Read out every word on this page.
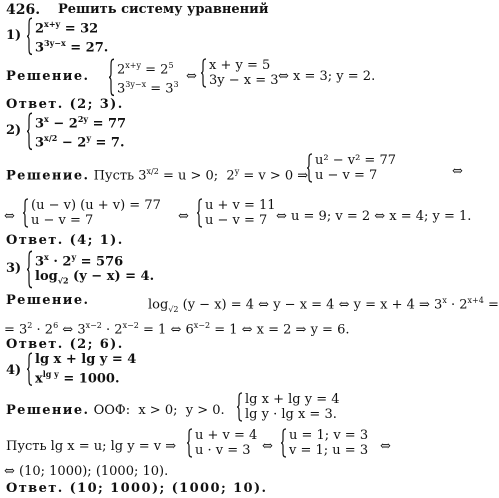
426. Решить систему уравнений
1) $2^{x+y} = 32$
$3^{3y-x} = 27$.
Решение. $2^{x+y} = 2^5$
$3^{3y-x} = 3^3$
⇔
x + y = 5
3y − x = 3 ⇔ x = 3; y = 2.
Ответ. (2; 3).
2) $3^x - 2^{2y} = 77$
$3^{x/2} - 2^y = 7$.
Решение. Пусть $3^{x/2} = u > 0$;  $2^y = v > 0$ ⇒
u² − v² = 77
u − v = 7	⇔
⇔
(u − v) (u + v) = 77
u − v = 7	⇔
u + v = 11
u − v = 7 ⇔ u = 9; v = 2 ⇔ x = 4; y = 1.
Ответ. (4; 1).
3) $3^x \cdot 2^y = 576$
$\log_{√2} (y - x) = 4$.
Решение.	$\log_{√2} (y - x) = 4$ ⇔ y − x = 4 ⇔ y = x + 4 ⇒ $3^x \cdot 2^{x+4}$ =
= $3^2 \cdot 2^6$ ⇔ $3^{x-2} \cdot 2^{x-2} = 1$ ⇔ $6^{x-2} = 1$ ⇔ x = 2 ⇒ y = 6.
Ответ. (2; 6).
4)
lg x + lg y = 4
$x^{lg y} = 1000$.
Решение. ООФ:  x > 0;  y > 0.
lg x + lg y = 4
lg y · lg x = 3.
Пусть lg x = u; lg y = v ⇒
u + v = 4
u · v = 3 ⇔
u = 1; v = 3
v = 1; u = 3 ⇔
⇔ (10; 1000); (1000; 10).
Ответ. (10; 1000); (1000; 10).
